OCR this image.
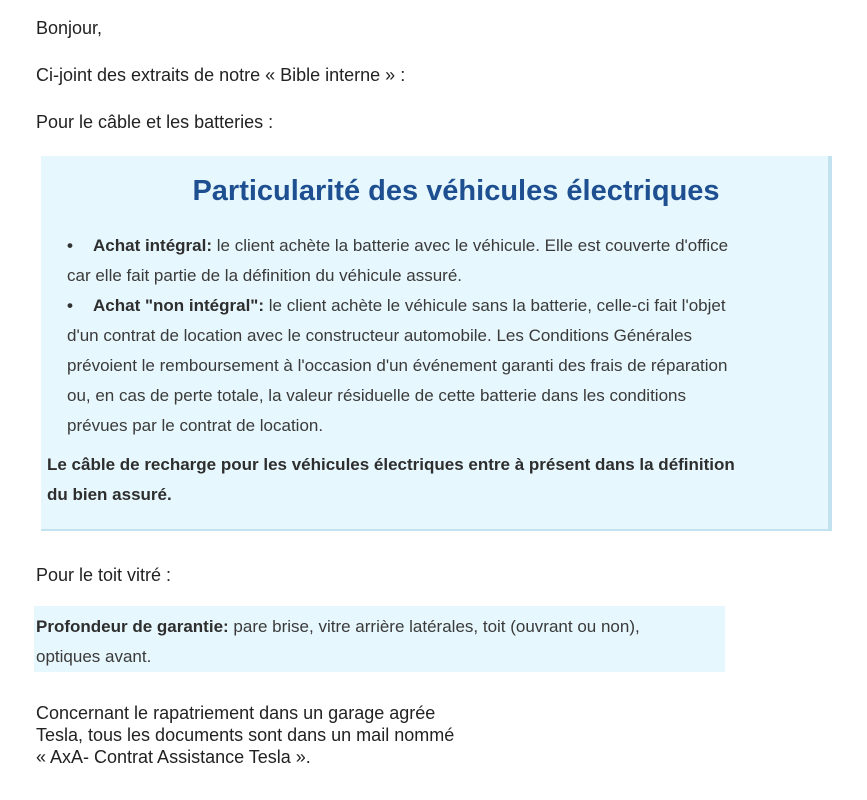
Bonjour,
Ci-joint des extraits de notre « Bible interne » :
Pour le câble et les batteries :
Particularité des véhicules électriques
• Achat intégral: le client achète la batterie avec le véhicule. Elle est couverte d'office
car elle fait partie de la définition du véhicule assuré.
• Achat "non intégral": le client achète le véhicule sans la batterie, celle-ci fait l'objet
d'un contrat de location avec le constructeur automobile. Les Conditions Générales
prévoient le remboursement à l'occasion d'un événement garanti des frais de réparation
ou, en cas de perte totale, la valeur résiduelle de cette batterie dans les conditions
prévues par le contrat de location.

Le câble de recharge pour les véhicules électriques entre à présent dans la définition
du bien assuré.

Pour le toit vitré :
Profondeur de garantie: pare brise, vitre arrière latérales, toit (ouvrant ou non),
optiques avant.

Concernant le rapatriement dans un garage agrée
Tesla, tous les documents sont dans un mail nommé
« AxA- Contrat Assistance Tesla ».
